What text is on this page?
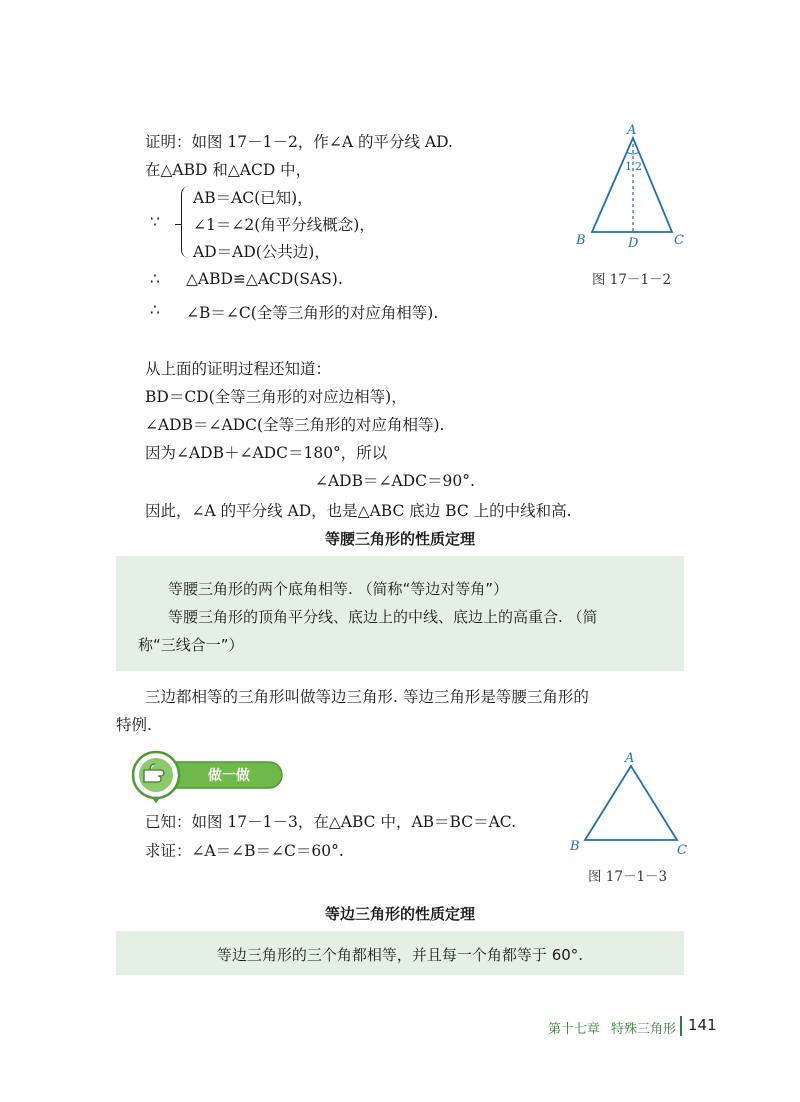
证明：如图 17－1－2，作∠A 的平分线 AD.
在△ABD 和△ACD 中，
∵
AB＝AC(已知)，
∠1＝∠2(角平分线概念)，
AD＝AD(公共边)，
∴ △ABD≌△ACD(SAS).
∴ ∠B＝∠C(全等三角形的对应角相等).
A
B	C
D
1 2
图 17－1－2
从上面的证明过程还知道：
BD＝CD(全等三角形的对应边相等)，
∠ADB＝∠ADC(全等三角形的对应角相等).
因为∠ADB＋∠ADC＝180°，所以
∠ADB＝∠ADC＝90°.
因此，∠A 的平分线 AD，也是△ABC 底边 BC 上的中线和高.
等腰三角形的性质定理
等腰三角形的两个底角相等. （简称“等边对等角”）
等腰三角形的顶角平分线、底边上的中线、底边上的高重合. （简
称“三线合一”）
三边都相等的三角形叫做等边三角形. 等边三角形是等腰三角形的
特例.
做一做
已知：如图 17－1－3，在△ABC 中，AB＝BC＝AC.
求证：∠A＝∠B＝∠C＝60°.
A
B	C
图 17－1－3
等边三角形的性质定理
等边三角形的三个角都相等，并且每一个角都等于 60°.
第十七章 特殊三角形 141
